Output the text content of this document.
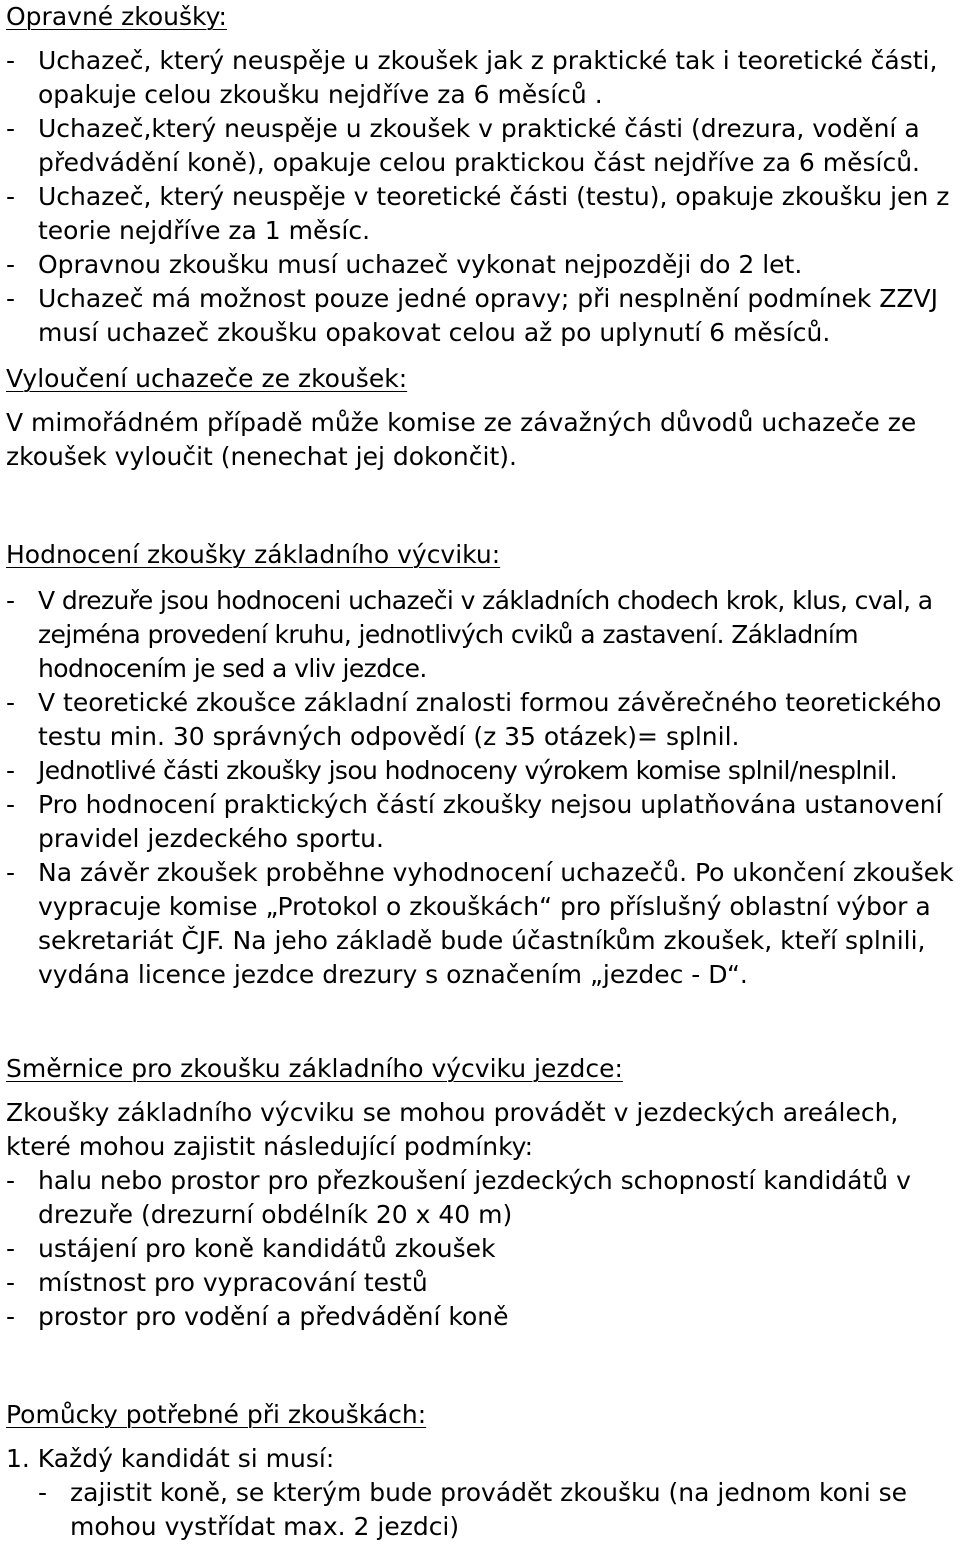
Opravné zkoušky:
- Uchazeč, který neuspěje u zkoušek jak z praktické tak i teoretické části, opakuje celou zkoušku nejdříve za 6 měsíců .
- Uchazeč,který neuspěje u zkoušek v praktické části (drezura, vodění a předvádění koně), opakuje celou praktickou část nejdříve za 6 měsíců.
- Uchazeč, který neuspěje v teoretické části (testu), opakuje zkoušku jen z teorie nejdříve za 1 měsíc.
- Opravnou zkoušku musí uchazeč vykonat nejpozději do 2 let.
- Uchazeč má možnost pouze jedné opravy; při nesplnění podmínek ZZVJ musí uchazeč zkoušku opakovat celou až po uplynutí 6 měsíců.
Vyloučení uchazeče ze zkoušek:
V mimořádném případě může komise ze závažných důvodů uchazeče ze zkoušek vyloučit (nenechat jej dokončit).
Hodnocení zkoušky základního výcviku:
- V drezuře jsou hodnoceni uchazeči v základních chodech krok, klus, cval, a zejména provedení kruhu, jednotlivých cviků a zastavení. Základním hodnocením je sed a vliv jezdce.
- V teoretické zkoušce základní znalosti formou závěrečného teoretického testu min. 30 správných odpovědí (z 35 otázek)= splnil.
- Jednotlivé části zkoušky jsou hodnoceny výrokem komise splnil/nesplnil.
- Pro hodnocení praktických částí zkoušky nejsou uplatňována ustanovení pravidel jezdeckého sportu.
- Na závěr zkoušek proběhne vyhodnocení uchazečů. Po ukončení zkoušek vypracuje komise „Protokol o zkouškách“ pro příslušný oblastní výbor a sekretariát ČJF. Na jeho základě bude účastníkům zkoušek, kteří splnili, vydána licence jezdce drezury s označením „jezdec - D“.
Směrnice pro zkoušku základního výcviku jezdce:
Zkoušky základního výcviku se mohou provádět v jezdeckých areálech, které mohou zajistit následující podmínky:
- halu nebo prostor pro přezkoušení jezdeckých schopností kandidátů v drezuře (drezurní obdélník 20 x 40 m)
- ustájení pro koně kandidátů zkoušek
- místnost pro vypracování testů
- prostor pro vodění a předvádění koně
Pomůcky potřebné při zkouškách:
1. Každý kandidát si musí:
- zajistit koně, se kterým bude provádět zkoušku (na jednom koni se mohou vystřídat max. 2 jezdci)
